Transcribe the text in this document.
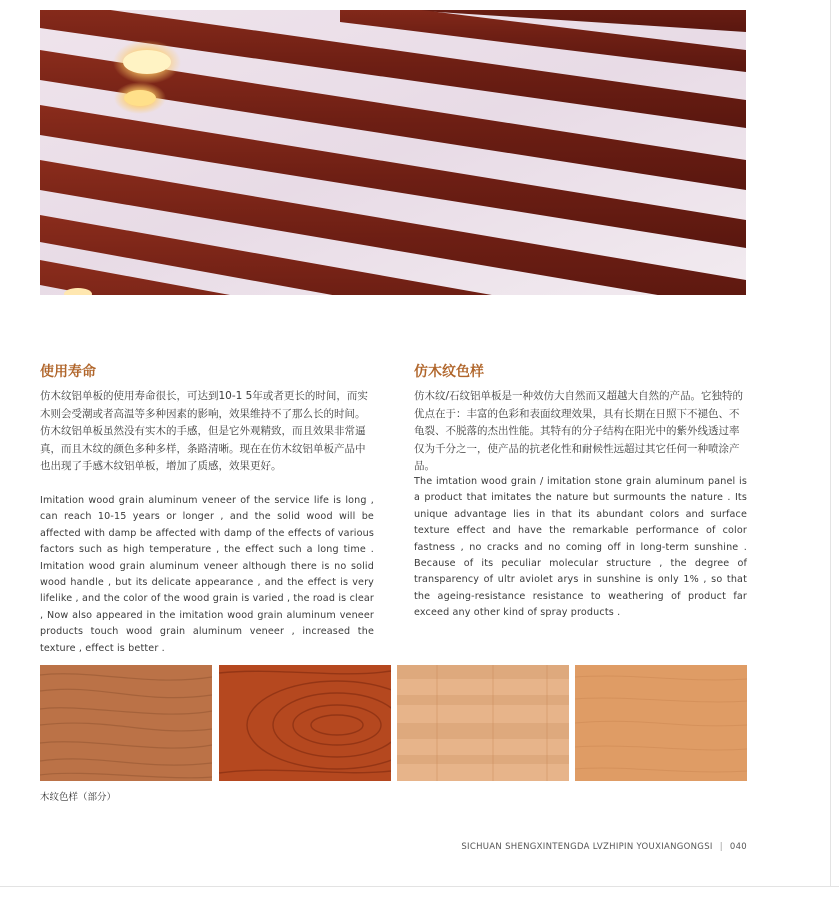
使用寿命

仿木纹铝单板的使用寿命很长，可达到10-1 5年或者更长的时间，而实木则会受潮或者高温等多种因素的影响，效果维持不了那么长的时间。仿木纹铝单板虽然没有实木的手感，但是它外观精致，而且效果非常逼真，而且木纹的颜色多种多样，条路清晰。现在在仿木纹铝单板产品中也出现了手感木纹铝单板，增加了质感，效果更好。

Imitation wood grain aluminum veneer of the service life is long , can reach 10-15 years or longer , and the solid wood will be affected with damp be affected with damp of the effects of various factors such as high temperature , the effect such a long time . Imitation wood grain aluminum veneer although there is no solid wood handle , but its delicate appearance , and the effect is very lifelike , and the color of the wood grain is varied , the road is clear , Now also appeared in the imitation wood grain aluminum veneer products touch wood grain aluminum veneer , increased the texture , effect is better .

仿木纹色样

仿木纹/石纹铝单板是一种效仿大自然而又超越大自然的产品。它独特的优点在于：丰富的色彩和表面纹理效果，具有长期在日照下不褪色、不龟裂、不脱落的杰出性能。其特有的分子结构在阳光中的紫外线透过率仅为千分之一，使产品的抗老化性和耐候性远超过其它任何一种喷涂产品。

The imtation wood grain / imitation stone grain aluminum panel is a product that imitates the nature but surmounts the nature . Its unique advantage lies in that its abundant colors and surface texture effect and have the remarkable performance of color fastness , no cracks and no coming off in long-term sunshine . Because of its peculiar molecular structure , the degree of transparency of ultr aviolet arys in sunshine is only 1% , so that the ageing-resistance resistance to weathering of product far exceed any other kind of spray products .

木纹色样（部分）

SICHUAN SHENGXINTENGDA LVZHIPIN YOUXIANGONGSI | 040
